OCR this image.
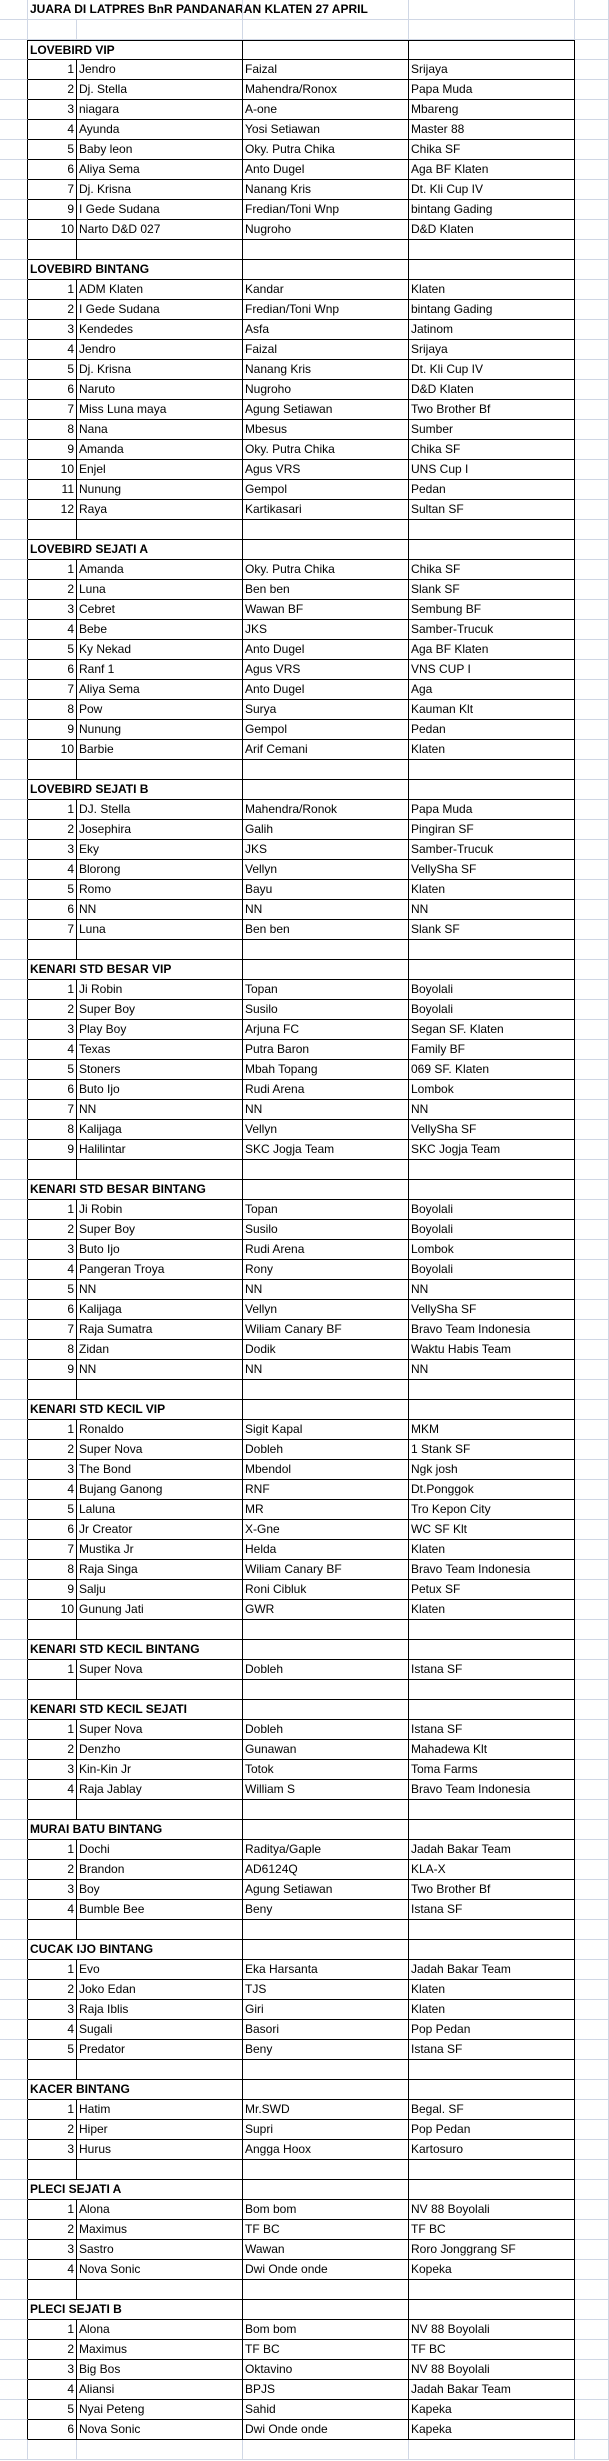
JUARA DI LATPRES BnR PANDANARAN KLATEN 27 APRIL
LOVEBIRD VIP
1 Jendro	Faizal	Srijaya
2 Dj. Stella	Mahendra/Ronox	Papa Muda
3 niagara	A-one	Mbareng
4 Ayunda	Yosi Setiawan	Master 88
5 Baby leon	Oky. Putra Chika	Chika SF
6 Aliya Sema	Anto Dugel	Aga BF Klaten
7 Dj. Krisna	Nanang Kris	Dt. Kli Cup IV
9 I Gede Sudana	Fredian/Toni Wnp	bintang Gading
10 Narto D&D 027	Nugroho	D&D Klaten
LOVEBIRD BINTANG
1 ADM Klaten	Kandar	Klaten
2 I Gede Sudana	Fredian/Toni Wnp	bintang Gading
3 Kendedes	Asfa	Jatinom
4 Jendro	Faizal	Srijaya
5 Dj. Krisna	Nanang Kris	Dt. Kli Cup IV
6 Naruto	Nugroho	D&D Klaten
7 Miss Luna maya	Agung Setiawan	Two Brother Bf
8 Nana	Mbesus	Sumber
9 Amanda	Oky. Putra Chika	Chika SF
10 Enjel	Agus VRS	UNS Cup I
11 Nunung	Gempol	Pedan
12 Raya	Kartikasari	Sultan SF
LOVEBIRD SEJATI A
1 Amanda	Oky. Putra Chika	Chika SF
2 Luna	Ben ben	Slank SF
3 Cebret	Wawan BF	Sembung BF
4 Bebe	JKS	Samber-Trucuk
5 Ky Nekad	Anto Dugel	Aga BF Klaten
6 Ranf 1	Agus VRS	VNS CUP I
7 Aliya Sema	Anto Dugel	Aga
8 Pow	Surya	Kauman Klt
9 Nunung	Gempol	Pedan
10 Barbie	Arif Cemani	Klaten
LOVEBIRD SEJATI B
1 DJ. Stella	Mahendra/Ronok	Papa Muda
2 Josephira	Galih	Pingiran SF
3 Eky	JKS	Samber-Trucuk
4 Blorong	Vellyn	VellySha SF
5 Romo	Bayu	Klaten
6 NN	NN	NN
7 Luna	Ben ben	Slank SF
KENARI STD BESAR VIP
1 Ji Robin	Topan	Boyolali
2 Super Boy	Susilo	Boyolali
3 Play Boy	Arjuna FC	Segan SF. Klaten
4 Texas	Putra Baron	Family BF
5 Stoners	Mbah Topang	069 SF. Klaten
6 Buto Ijo	Rudi Arena	Lombok
7 NN	NN	NN
8 Kalijaga	Vellyn	VellySha SF
9 Halilintar	SKC Jogja Team	SKC Jogja Team
KENARI STD BESAR BINTANG
1 Ji Robin	Topan	Boyolali
2 Super Boy	Susilo	Boyolali
3 Buto Ijo	Rudi Arena	Lombok
4 Pangeran Troya	Rony	Boyolali
5 NN	NN	NN
6 Kalijaga	Vellyn	VellySha SF
7 Raja Sumatra	Wiliam Canary BF	Bravo Team Indonesia
8 Zidan	Dodik	Waktu Habis Team
9 NN	NN	NN
KENARI STD KECIL VIP
1 Ronaldo	Sigit Kapal	MKM
2 Super Nova	Dobleh	1 Stank SF
3 The Bond	Mbendol	Ngk josh
4 Bujang Ganong	RNF	Dt.Ponggok
5 Laluna	MR	Tro Kepon City
6 Jr Creator	X-Gne	WC SF Klt
7 Mustika Jr	Helda	Klaten
8 Raja Singa	Wiliam Canary BF	Bravo Team Indonesia
9 Salju	Roni Cibluk	Petux SF
10 Gunung Jati	GWR	Klaten
KENARI STD KECIL BINTANG
1 Super Nova	Dobleh	Istana SF
KENARI STD KECIL SEJATI
1 Super Nova	Dobleh	Istana SF
2 Denzho	Gunawan	Mahadewa Klt
3 Kin-Kin Jr	Totok	Toma Farms
4 Raja Jablay	William S	Bravo Team Indonesia
MURAI BATU BINTANG
1 Dochi	Raditya/Gaple	Jadah Bakar Team
2 Brandon	AD6124Q	KLA-X
3 Boy	Agung Setiawan	Two Brother Bf
4 Bumble Bee	Beny	Istana SF
CUCAK IJO BINTANG
1 Evo	Eka Harsanta	Jadah Bakar Team
2 Joko Edan	TJS	Klaten
3 Raja Iblis	Giri	Klaten
4 Sugali	Basori	Pop Pedan
5 Predator	Beny	Istana SF
KACER BINTANG
1 Hatim	Mr.SWD	Begal. SF
2 Hiper	Supri	Pop Pedan
3 Hurus	Angga Hoox	Kartosuro
PLECI SEJATI A
1 Alona	Bom bom	NV 88 Boyolali
2 Maximus	TF BC	TF BC
3 Sastro	Wawan	Roro Jonggrang SF
4 Nova Sonic	Dwi Onde onde	Kopeka
PLECI SEJATI B
1 Alona	Bom bom	NV 88 Boyolali
2 Maximus	TF BC	TF BC
3 Big Bos	Oktavino	NV 88 Boyolali
4 Aliansi	BPJS	Jadah Bakar Team
5 Nyai Peteng	Sahid	Kapeka
6 Nova Sonic	Dwi Onde onde	Kapeka
